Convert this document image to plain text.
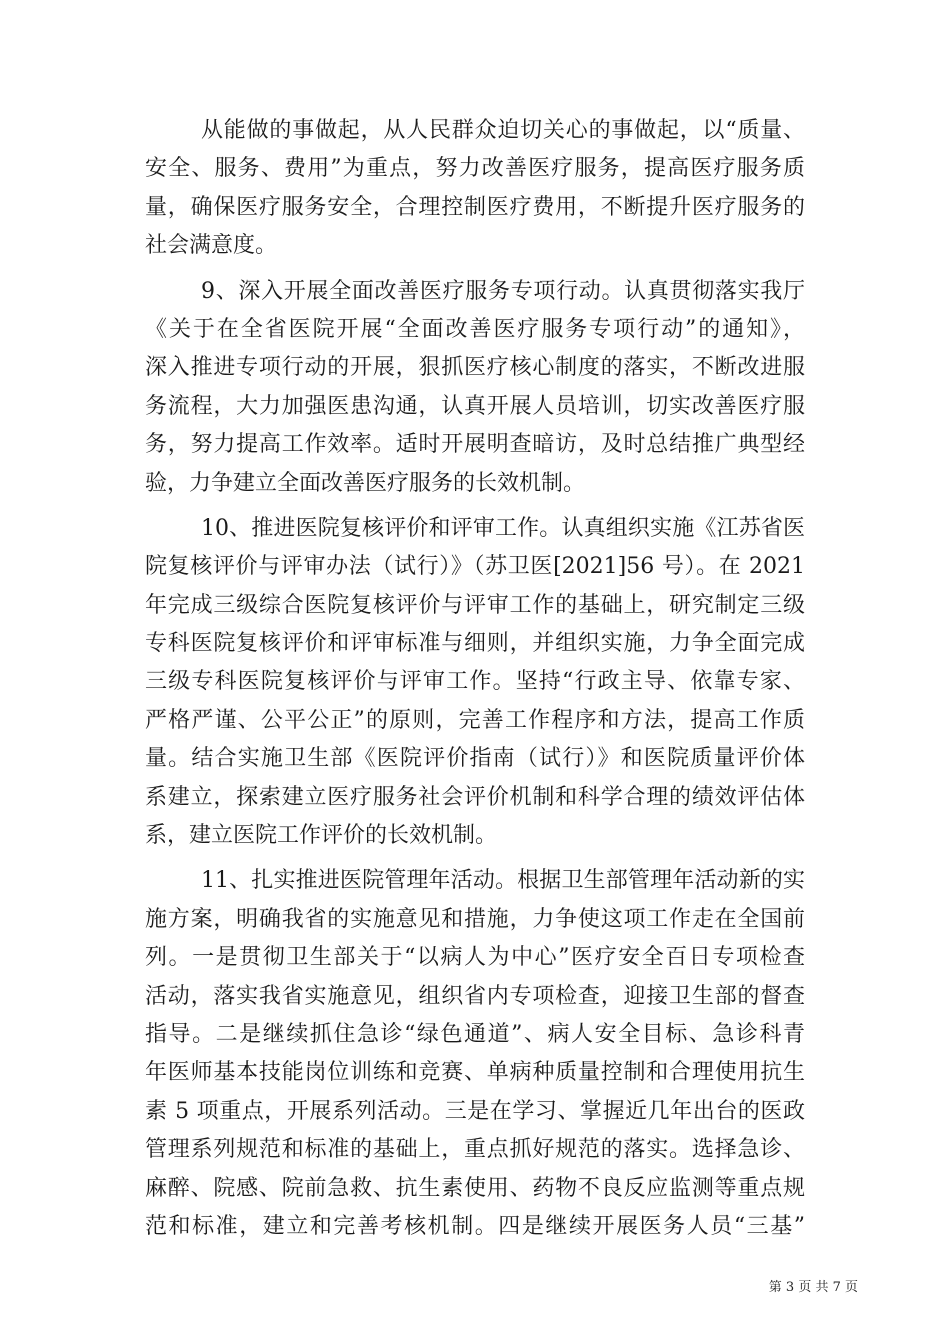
从能做的事做起，从人民群众迫切关心的事做起，以“质量、
安全、服务、费用”为重点，努力改善医疗服务，提高医疗服务质
量，确保医疗服务安全，合理控制医疗费用，不断提升医疗服务的
社会满意度。
9、深入开展全面改善医疗服务专项行动。认真贯彻落实我厅
《关于在全省医院开展“全面改善医疗服务专项行动”的通知》，
深入推进专项行动的开展，狠抓医疗核心制度的落实，不断改进服
务流程，大力加强医患沟通，认真开展人员培训，切实改善医疗服
务，努力提高工作效率。适时开展明查暗访，及时总结推广典型经
验，力争建立全面改善医疗服务的长效机制。
10、推进医院复核评价和评审工作。认真组织实施《江苏省医
院复核评价与评审办法（试行）》（苏卫医[2021]56 号）。在 2021
年完成三级综合医院复核评价与评审工作的基础上，研究制定三级
专科医院复核评价和评审标准与细则，并组织实施，力争全面完成
三级专科医院复核评价与评审工作。坚持“行政主导、依靠专家、
严格严谨、公平公正”的原则，完善工作程序和方法，提高工作质
量。结合实施卫生部《医院评价指南（试行）》和医院质量评价体
系建立，探索建立医疗服务社会评价机制和科学合理的绩效评估体
系，建立医院工作评价的长效机制。
11、扎实推进医院管理年活动。根据卫生部管理年活动新的实
施方案，明确我省的实施意见和措施，力争使这项工作走在全国前
列。一是贯彻卫生部关于“以病人为中心”医疗安全百日专项检查
活动，落实我省实施意见，组织省内专项检查，迎接卫生部的督查
指导。二是继续抓住急诊“绿色通道”、病人安全目标、急诊科青
年医师基本技能岗位训练和竞赛、单病种质量控制和合理使用抗生
素 5 项重点，开展系列活动。三是在学习、掌握近几年出台的医政
管理系列规范和标准的基础上，重点抓好规范的落实。选择急诊、
麻醉、院感、院前急救、抗生素使用、药物不良反应监测等重点规
范和标准，建立和完善考核机制。四是继续开展医务人员“三基”
第 3 页 共 7 页
